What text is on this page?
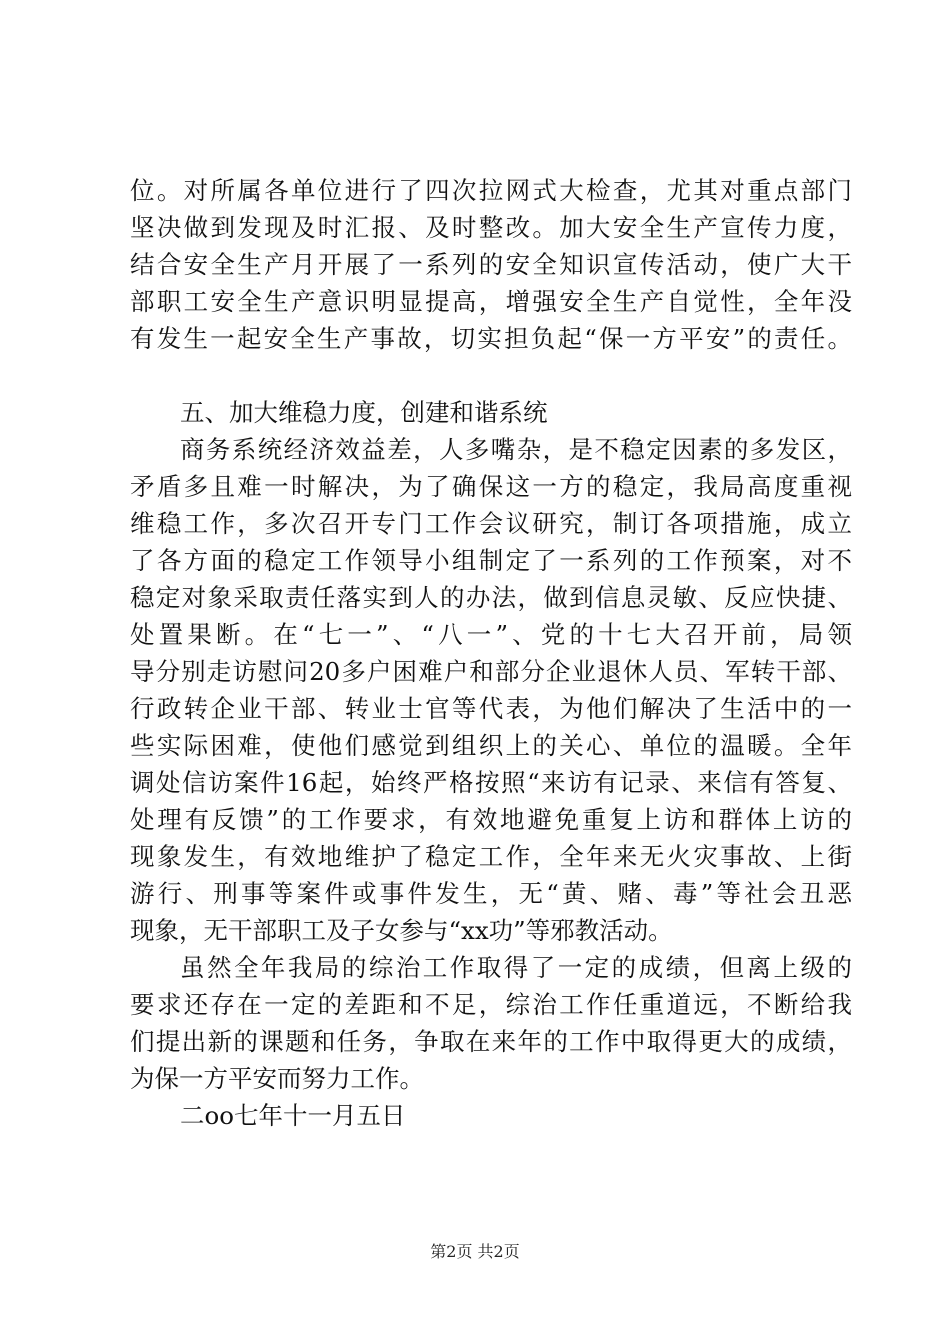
位。对所属各单位进行了四次拉网式大检查，尤其对重点部门
坚决做到发现及时汇报、及时整改。加大安全生产宣传力度，
结合安全生产月开展了一系列的安全知识宣传活动，使广大干
部职工安全生产意识明显提高，增强安全生产自觉性，全年没
有发生一起安全生产事故，切实担负起“保一方平安”的责任。
五、加大维稳力度，创建和谐系统
商务系统经济效益差，人多嘴杂，是不稳定因素的多发区，
矛盾多且难一时解决，为了确保这一方的稳定，我局高度重视
维稳工作，多次召开专门工作会议研究，制订各项措施，成立
了各方面的稳定工作领导小组制定了一系列的工作预案，对不
稳定对象采取责任落实到人的办法，做到信息灵敏、反应快捷、
处置果断。在“七一”、“八一”、党的十七大召开前，局领
导分别走访慰问20多户困难户和部分企业退休人员、军转干部、
行政转企业干部、转业士官等代表，为他们解决了生活中的一
些实际困难，使他们感觉到组织上的关心、单位的温暖。全年
调处信访案件16起，始终严格按照“来访有记录、来信有答复、
处理有反馈”的工作要求，有效地避免重复上访和群体上访的
现象发生，有效地维护了稳定工作，全年来无火灾事故、上街
游行、刑事等案件或事件发生，无“黄、赌、毒”等社会丑恶
现象，无干部职工及子女参与“xx功”等邪教活动。
虽然全年我局的综治工作取得了一定的成绩，但离上级的
要求还存在一定的差距和不足，综治工作任重道远，不断给我
们提出新的课题和任务，争取在来年的工作中取得更大的成绩，
为保一方平安而努力工作。
二oo七年十一月五日
第2页 共2页
